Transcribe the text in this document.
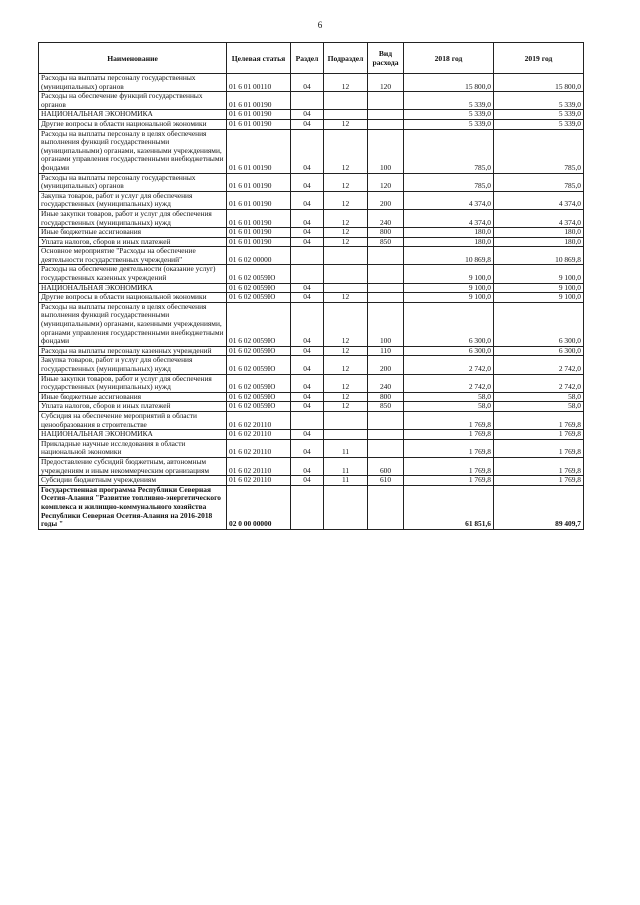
6
Наименование	Целевая статья	Раздел	Подраздел	Вид расхода	2018 год	2019 год
Расходы на выплаты персоналу государственных (муниципальных) органов	01 6 01 00110	04	12	120	15 800,0	15 800,0
Расходы на обеспечение функций государственных органов	01 6 01 00190				5 339,0	5 339,0
НАЦИОНАЛЬНАЯ ЭКОНОМИКА	01 6 01 00190	04			5 339,0	5 339,0
Другие вопросы в области национальной экономики	01 6 01 00190	04	12		5 339,0	5 339,0
Расходы на выплаты персоналу в целях обеспечения выполнения функций государственными (муниципальными) органами, казенными учреждениями, органами управления государственными внебюджетными фондами	01 6 01 00190	04	12	100	785,0	785,0
Расходы на выплаты персоналу государственных (муниципальных) органов	01 6 01 00190	04	12	120	785,0	785,0
Закупка товаров, работ и услуг для обеспечения государственных (муниципальных) нужд	01 6 01 00190	04	12	200	4 374,0	4 374,0
Иные закупки товаров, работ и услуг для обеспечения государственных (муниципальных) нужд	01 6 01 00190	04	12	240	4 374,0	4 374,0
Иные бюджетные ассигнования	01 6 01 00190	04	12	800	180,0	180,0
Уплата налогов, сборов и иных платежей	01 6 01 00190	04	12	850	180,0	180,0
Основное мероприятие "Расходы на обеспечение деятельности государственных учреждений"	01 6 02 00000				10 869,8	10 869,8
Расходы на обеспечение деятельности (оказание услуг) государственных казенных учреждений	01 6 02 0059Ю				9 100,0	9 100,0
НАЦИОНАЛЬНАЯ ЭКОНОМИКА	01 6 02 0059Ю	04			9 100,0	9 100,0
Другие вопросы в области национальной экономики	01 6 02 0059Ю	04	12		9 100,0	9 100,0
Расходы на выплаты персоналу в целях обеспечения выполнения функций государственными (муниципальными) органами, казенными учреждениями, органами управления государственными внебюджетными фондами	01 6 02 0059Ю	04	12	100	6 300,0	6 300,0
Расходы на выплаты персоналу казенных учреждений	01 6 02 0059Ю	04	12	110	6 300,0	6 300,0
Закупка товаров, работ и услуг для обеспечения государственных (муниципальных) нужд	01 6 02 0059Ю	04	12	200	2 742,0	2 742,0
Иные закупки товаров, работ и услуг для обеспечения государственных (муниципальных) нужд	01 6 02 0059Ю	04	12	240	2 742,0	2 742,0
Иные бюджетные ассигнования	01 6 02 0059Ю	04	12	800	58,0	58,0
Уплата налогов, сборов и иных платежей	01 6 02 0059Ю	04	12	850	58,0	58,0
Субсидия на обеспечение мероприятий в области ценообразования в строительстве	01 6 02 20110				1 769,8	1 769,8
НАЦИОНАЛЬНАЯ ЭКОНОМИКА	01 6 02 20110	04			1 769,8	1 769,8
Прикладные научные исследования в области национальной экономики	01 6 02 20110	04	11		1 769,8	1 769,8
Предоставление субсидий бюджетным, автономным учреждениям и иным некоммерческим организациям	01 6 02 20110	04	11	600	1 769,8	1 769,8
Субсидии бюджетным учреждениям	01 6 02 20110	04	11	610	1 769,8	1 769,8
Государственная программа Республики Северная Осетия-Алания "Развитие топливно-энергетического комплекса и жилищно-коммунального хозяйства Республики Северная Осетия-Алания на 2016-2018 годы "	02 0 00 00000				61 851,6	89 409,7
